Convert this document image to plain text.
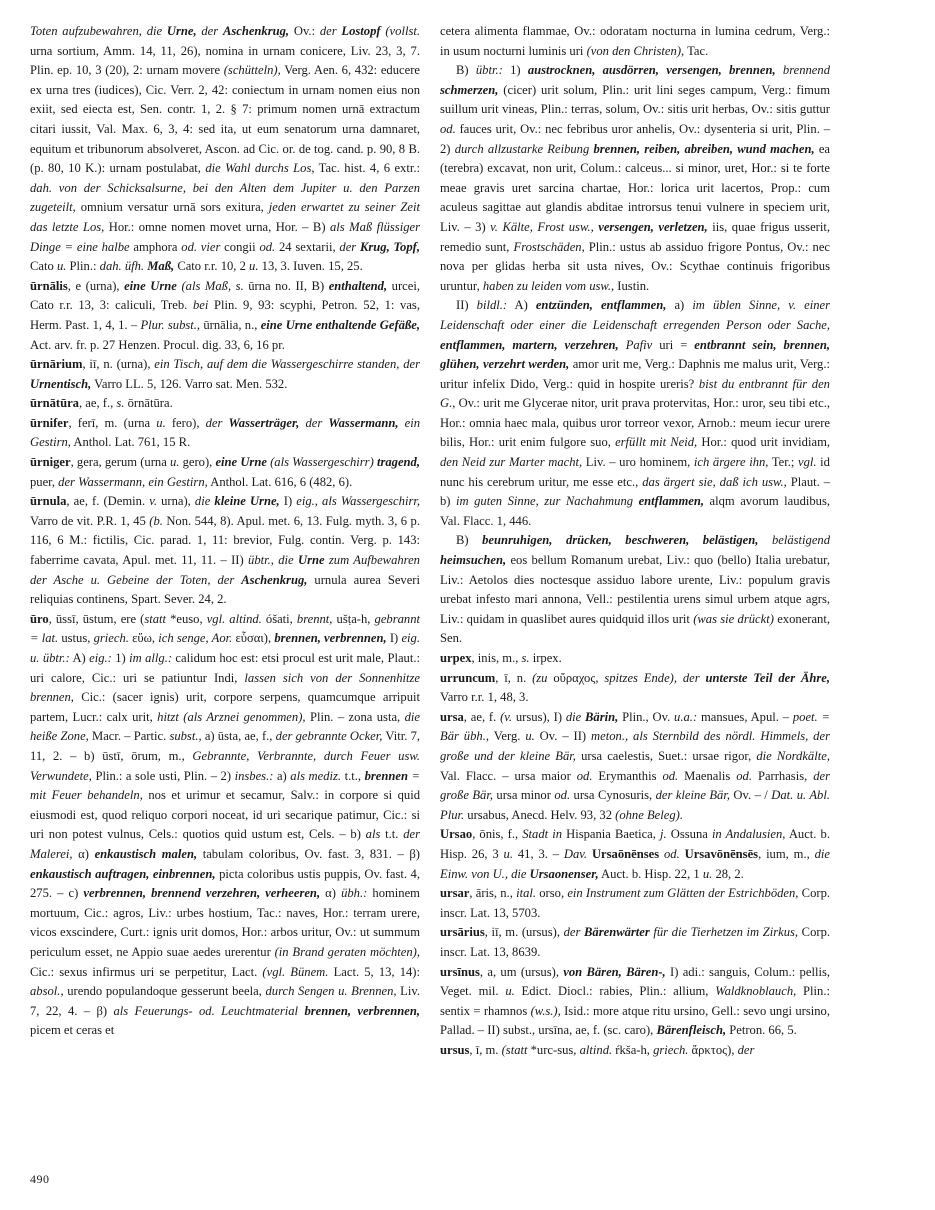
Toten aufzubewahren, die Urne, der Aschenkrug, Ov.: der Lostopf (vollst. urna sortium, Amm. 14, 11, 26), nomina in urnam conicere, Liv. 23, 3, 7. Plin. ep. 10, 3 (20), 2: urnam movere (schütteln), Verg. Aen. 6, 432: educere ex urna tres (iudices), Cic. Verr. 2, 42: coniectum in urnam nomen eius non exiit, sed eiecta est, Sen. contr. 1, 2. § 7: primum nomen urnā extractum citari iussit, Val. Max. 6, 3, 4: sed ita, ut eum senatorum urna damnaret, equitum et tribunorum absolveret, Ascon. ad Cic. or. de tog. cand. p. 90, 8 B. (p. 80, 10 K.): urnam postulabat, die Wahl durchs Los, Tac. hist. 4, 6 extr.: dah. von der Schicksalsurne, bei den Alten dem Jupiter u. den Parzen zugeteilt, omnium versatur urnā sors exitura, jeden erwartet zu seiner Zeit das letzte Los, Hor.: omne nomen movet urna, Hor. – B) als Maß flüssiger Dinge = eine halbe amphora od. vier congii od. 24 sextarii, der Krug, Topf, Cato u. Plin.: dah. üfh. Maß, Cato r.r. 10, 2 u. 13, 3. Iuven. 15, 25.

ūrnālis, e (urna), eine Urne (als Maß, s. ūrna no. II, B) enthaltend, urcei, Cato r.r. 13, 3: caliculi, Treb. bei Plin. 9, 93: scyphi, Petron. 52, 1: vas, Herm. Past. 1, 4, 1. – Plur. subst., ūrnālia, n., eine Urne enthaltende Gefäße, Act. arv. fr. p. 27 Henzen. Procul. dig. 33, 6, 16 pr.

ūrnārium, iī, n. (urna), ein Tisch, auf dem die Wassergeschirre standen, der Urnentisch, Varro LL. 5, 126. Varro sat. Men. 532.

ūrnātūra, ae, f., s. ōrnātūra.

ūrnifer, ferī, m. (urna u. fero), der Wasserträger, der Wassermann, ein Gestirn, Anthol. Lat. 761, 15 R.

ūrniger, gera, gerum (urna u. gero), eine Urne (als Wassergeschirr) tragend, puer, der Wassermann, ein Gestirn, Anthol. Lat. 616, 6 (482, 6).

ūrnula, ae, f. (Demin. v. urna), die kleine Urne, I) eig., als Wassergeschirr, Varro de vit. P.R. 1, 45 (b. Non. 544, 8). Apul. met. 6, 13. Fulg. myth. 3, 6 p. 116, 6 M.: fictilis, Cic. parad. 1, 11: brevior, Fulg. contin. Verg. p. 143: faberrime cavata, Apul. met. 11, 11. – II) übtr., die Urne zum Aufbewahren der Asche u. Gebeine der Toten, der Aschenkrug, urnula aurea Severi reliquias continens, Spart. Sever. 24, 2.

ūro, ūssī, ūstum, ere (statt *euso, vgl. altind. óšati, brennt, ušṭa-h, gebrannt = lat. ustus, griech. εὕω, ich senge, Aor. εὗσαι), brennen, verbrennen, I) eig. u. übtr.: A) eig.: 1) im allg.: calidum hoc est: etsi procul est urit male, Plaut.: uri calore, Cic.: uri se patiuntur Indi, lassen sich von der Sonnenhitze brennen, Cic.: (sacer ignis) urit, corpore serpens, quamcumque arripuit partem, Lucr.: calx urit, hitzt (als Arznei genommen), Plin. – zona usta, die heiße Zone, Macr. – Partic. subst., a) ūsta, ae, f., der gebrannte Ocker, Vitr. 7, 11, 2. – b) ūstī, ōrum, m., Gebrannte, Verbrannte, durch Feuer usw. Verwundete, Plin.: a sole usti, Plin. – 2) insbes.: a) als mediz. t.t., brennen = mit Feuer behandeln, nos et urimur et secamur, Salv.: in corpore si quid eiusmodi est, quod reliquo corpori noceat, id uri secarique patimur, Cic.: si uri non potest vulnus, Cels.: quotios quid ustum est, Cels. – b) als t.t. der Malerei, α) enkaustisch malen, tabulam coloribus, Ov. fast. 3, 831. – β) enkaustisch auftragen, einbrennen, picta coloribus ustis puppis, Ov. fast. 4, 275. – c) verbrennen, brennend verzehren, verheeren, α) übh.: hominem mortuum, Cic.: agros, Liv.: urbes hostium, Tac.: naves, Hor.: terram urere, vicos exscindere, Curt.: ignis urit domos, Hor.: arbos uritur, Ov.: ut summum periculum esset, ne Appio suae aedes urerentur (in Brand geraten möchten), Cic.: sexus infirmus uri se perpetitur, Lact. (vgl. Bünem. Lact. 5, 13, 14): absol., urendo populandoque gesserunt beela, durch Sengen u. Brennen, Liv. 7, 22, 4. – β) als Feuerungs- od. Leuchtmaterial brennen, verbrennen, picem et ceras et

cetera alimenta flammae, Ov.: odoratam nocturna in lumina cedrum, Verg.: in usum nocturni luminis uri (von den Christen), Tac.

B) übtr.: 1) austrocknen, ausdörren, versengen, brennen, brennend schmerzen, (cicer) urit solum, Plin.: urit lini seges campum, Verg.: fimum suillum urit vineas, Plin.: terras, solum, Ov.: sitis urit herbas, Ov.: sitis guttur od. fauces urit, Ov.: nec febribus uror anhelis, Ov.: dysenteria si urit, Plin. – 2) durch allzustarke Reibung brennen, reiben, abreiben, wund machen, ea (terebra) excavat, non urit, Colum.: calceus... si minor, uret, Hor.: si te forte meae gravis uret sarcina chartae, Hor.: lorica urit lacertos, Prop.: cum aculeus sagittae aut glandis abditae introrsus tenui vulnere in speciem urit, Liv. – 3) v. Kälte, Frost usw., versengen, verletzen, iis, quae frigus usserit, remedio sunt, Frostschäden, Plin.: ustus ab assiduo frigore Pontus, Ov.: nec nova per glidas herba sit usta nives, Ov.: Scythae continuis frigoribus uruntur, haben zu leiden vom usw., Iustin.

II) bildl.: A) entzünden, entflammen, a) im üblen Sinne, v. einer Leidenschaft oder einer die Leidenschaft erregenden Person oder Sache, entflammen, martern, verzehren, Pafiv uri = entbrannt sein, brennen, glühen, verzehrt werden, amor urit me, Verg.: Daphnis me malus urit, Verg.: uritur infelix Dido, Verg.: quid in hospite ureris? bist du entbrannt für den G., Ov.: urit me Glycerae nitor, urit prava protervitas, Hor.: uror, seu tibi etc., Hor.: omnia haec mala, quibus uror torreor vexor, Arnob.: meum iecur urere bilis, Hor.: urit enim fulgore suo, erfüllt mit Neid, Hor.: quod urit invidiam, den Neid zur Marter macht, Liv. – uro hominem, ich ärgere ihn, Ter.; vgl. id nunc his cerebrum uritur, me esse etc., das ärgert sie, daß ich usw., Plaut. – b) im guten Sinne, zur Nachahmung entflammen, alqm avorum laudibus, Val. Flacc. 1, 446.

B) beunruhigen, drücken, beschweren, belästigen, belästigend heimsuchen, eos bellum Romanum urebat, Liv.: quo (bello) Italia urebatur, Liv.: Aetolos dies noctesque assiduo labore urente, Liv.: populum gravis urebat infesto mari annona, Vell.: pestilentia urens simul urbem atque agrs, Liv.: quidam in quaslibet aures quidquid illos urit (was sie drückt) exonerant, Sen.

urpex, inis, m., s. irpex.

urruncum, ī, n. (zu οὔραχος, spitzes Ende), der unterste Teil der Ähre, Varro r.r. 1, 48, 3.

ursa, ae, f. (v. ursus), I) die Bärin, Plin., Ov. u.a.: mansues, Apul. – poet. = Bär übh., Verg. u. Ov. – II) meton., als Sternbild des nördl. Himmels, der große und der kleine Bär, ursa caelestis, Suet.: ursae rigor, die Nordkälte, Val. Flacc. – ursa maior od. Erymanthis od. Maenalis od. Parrhasis, der große Bär, ursa minor od. ursa Cynosuris, der kleine Bär, Ov. – / Dat. u. Abl. Plur. ursabus, Anecd. Helv. 93, 32 (ohne Beleg).

Ursao, ōnis, f., Stadt in Hispania Baetica, j. Ossuna in Andalusien, Auct. b. Hisp. 26, 3 u. 41, 3. – Dav. Ursaōnēnses od. Ursavōnēnsēs, ium, m., die Einw. von U., die Ursaonenser, Auct. b. Hisp. 22, 1 u. 28, 2.

ursar, āris, n., ital. orso, ein Instrument zum Glätten der Estrichböden, Corp. inscr. Lat. 13, 5703.

ursārius, iī, m. (ursus), der Bärenwärter für die Tierhetzen im Zirkus, Corp. inscr. Lat. 13, 8639.

ursīnus, a, um (ursus), von Bären, Bären-, I) adi.: sanguis, Colum.: pellis, Veget. mil. u. Edict. Diocl.: rabies, Plin.: allium, Waldknoblauch, Plin.: sentix = rhamnos (w.s.), Isid.: more atque ritu ursino, Gell.: sevo ungi ursino, Pallad. – II) subst., ursīna, ae, f. (sc. caro), Bärenfleisch, Petron. 66, 5.

ursus, ī, m. (statt *urc-sus, altind. ŕkša-h, griech. ἄρκτος), der

490
